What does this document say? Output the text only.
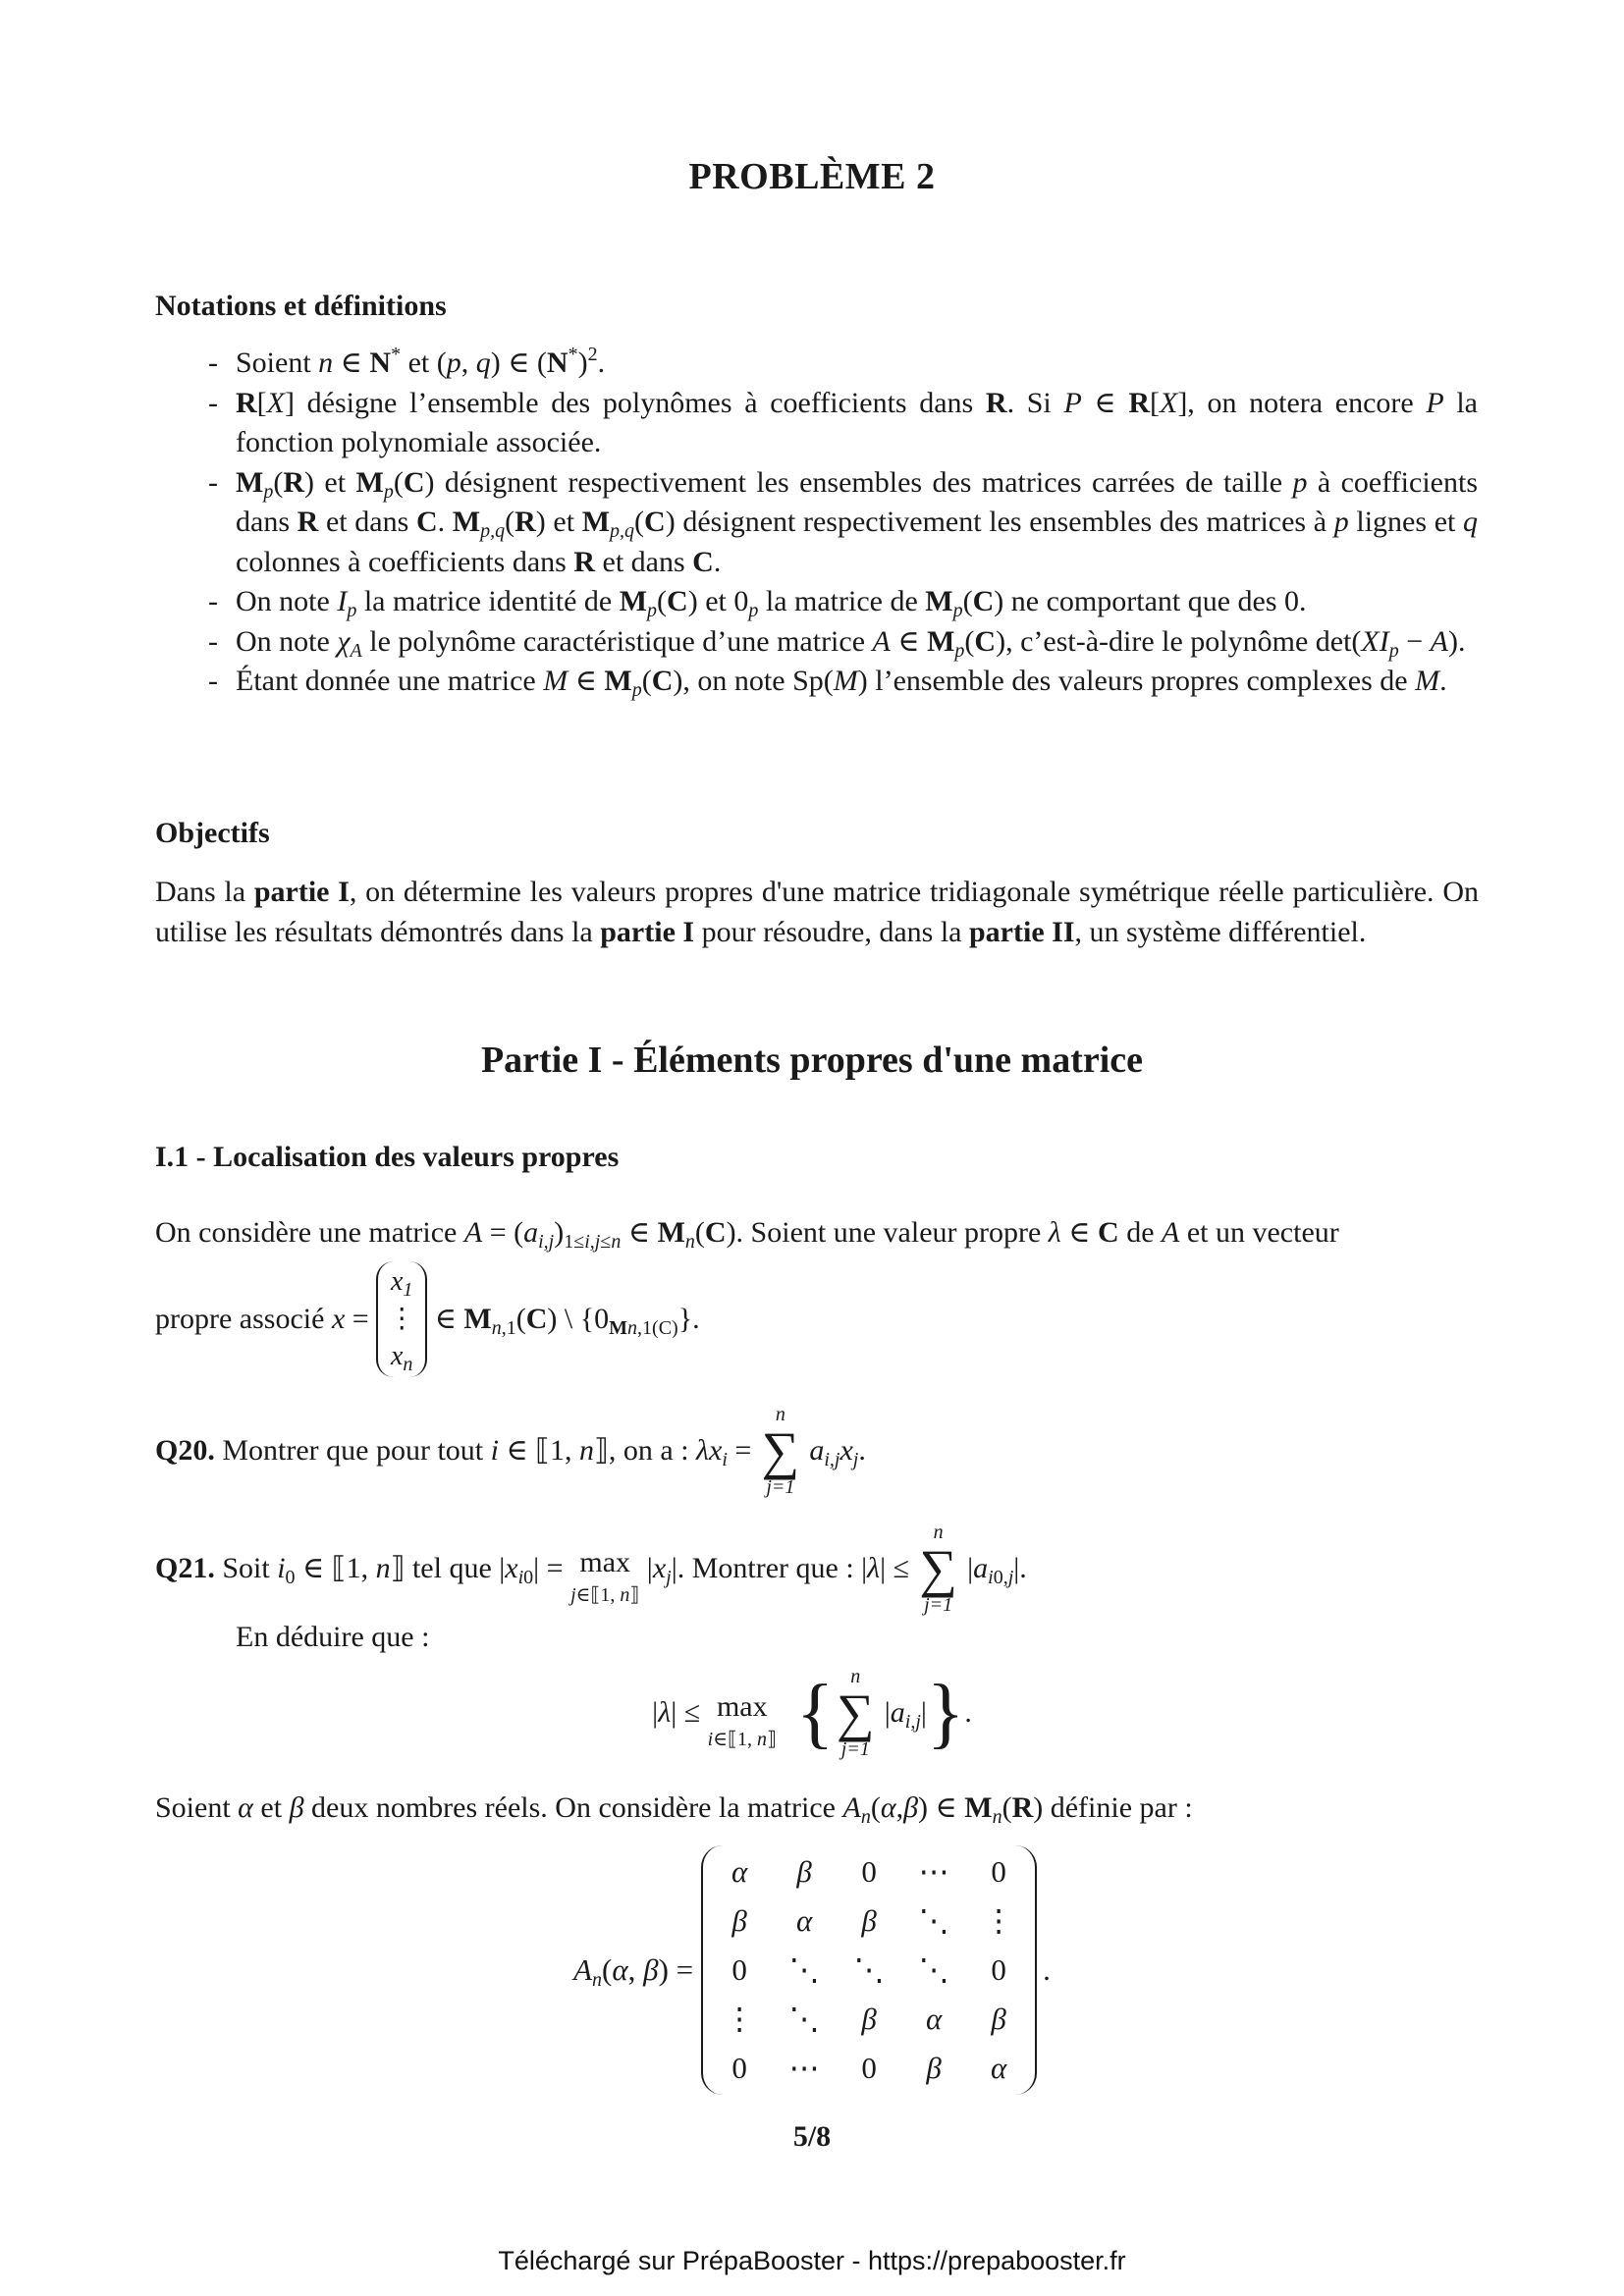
PROBLÈME 2
Notations et définitions
- Soient n ∈ N* et (p, q) ∈ $(N^*)^2$.
- R[X] désigne l’ensemble des polynômes à coefficients dans R. Si P ∈ R[X], on notera encore P la fonction polynomiale associée.
- $M_p(R)$ et $M_p(C)$ désignent respectivement les ensembles des matrices carrées de taille p à coefficients dans R et dans C. $M_{p,q}(R)$ et $M_{p,q}(C)$ désignent respectivement les ensembles des matrices à p lignes et q colonnes à coefficients dans R et dans C.
- On note $I_p$ la matrice identité de $M_p(C)$ et $0_p$ la matrice de $M_p(C)$ ne comportant que des 0.
- On note $\chi_A$ le polynôme caractéristique d’une matrice A ∈ $M_p(C)$, c’est-à-dire le polynôme $\det(XI_p - A)$.
- Étant donnée une matrice M ∈ $M_p(C)$, on note Sp(M) l’ensemble des valeurs propres complexes de M.
Objectifs
Dans la partie I, on détermine les valeurs propres d'une matrice tridiagonale symétrique réelle particulière. On utilise les résultats démontrés dans la partie I pour résoudre, dans la partie II, un système différentiel.
Partie I - Éléments propres d'une matrice
I.1 - Localisation des valeurs propres
On considère une matrice $A = (a_{i,j})_{1\le i,j\le n}$ ∈ $M_n(C)$. Soient une valeur propre λ ∈ C de A et un vecteur
propre associé x =
$x_1$
⋮
$x_n$
∈ $M_{n,1}(C)$ \ $\{0_{Mn,1(C)}\}$.
Q20. Montrer que pour tout i ∈ ⟦1, n⟧, on a : $\lambda x_i$ =
n
∑
j=1
$a_{i,j}x_j$.
Q21. Soit $i_0$ ∈ ⟦1, n⟧ tel que $|x_{i0}| = \max$
j∈⟦1, n⟧
$|x_j|$. Montrer que : |λ| ≤
n
∑
j=1
$|a_{i0,j}|$.
En déduire que :
|λ| ≤ max
i∈⟦1, n⟧ { n
∑
j=1
$|a_{i,j}|$ } .
Soient α et β deux nombres réels. On considère la matrice $A_n(\alpha,\beta)$ ∈ $M_n(R)$ définie par :
$A_n(\alpha$, β) =
α β 0 ⋯ 0
β α β ⋱ ⋮
0 ⋱ ⋱ ⋱ 0
⋮ ⋱ β α β
0 ⋯ 0 β α
.
5/8
Téléchargé sur PrépaBooster - https://prepabooster.fr
